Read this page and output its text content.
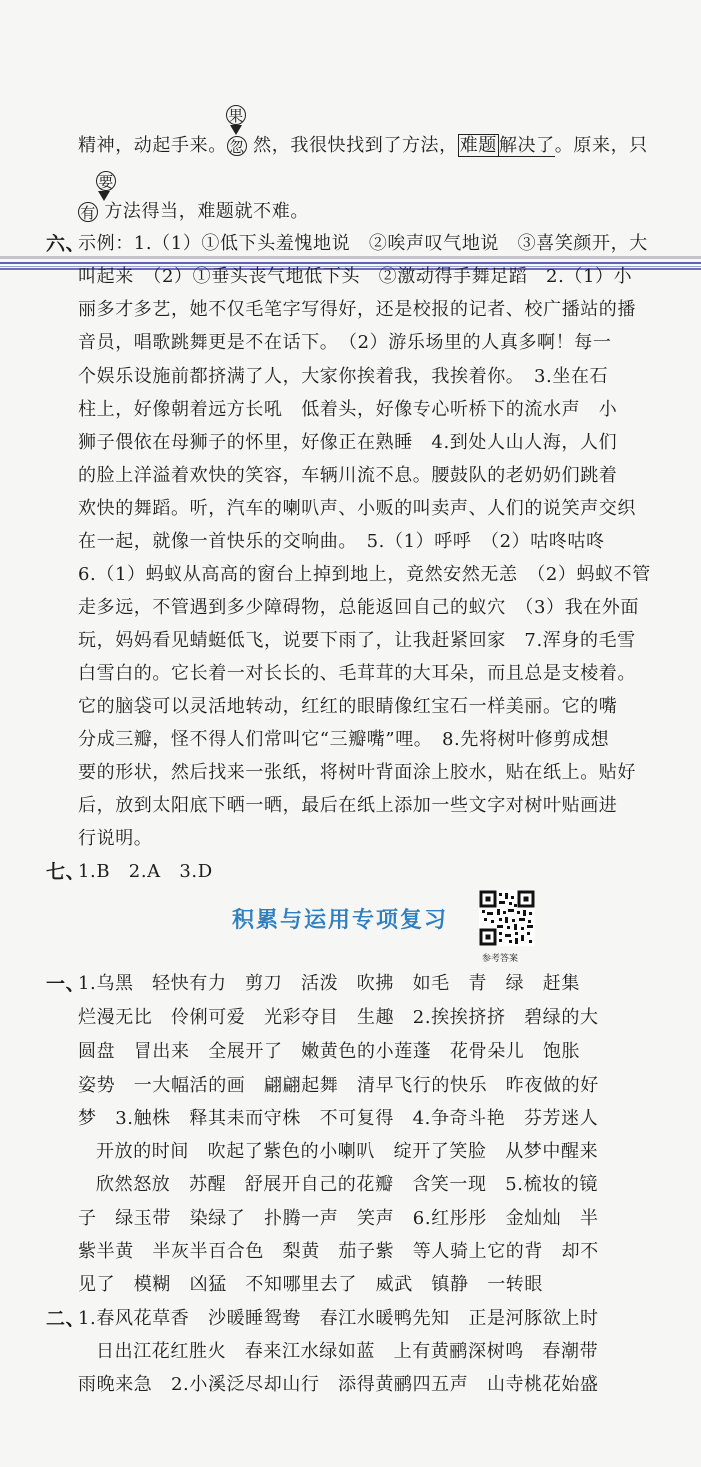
果
精神，动起手来。 忽 然，我很快找到了方法， 难题 解决了。原来，只
要
有 方法得当，难题就不难。
六、
示例：1.（1）①低下头羞愧地说　②唉声叹气地说　③喜笑颜开，大
叫起来　（2）①垂头丧气地低下头　②激动得手舞足蹈　2.（1）小
丽多才多艺，她不仅毛笔字写得好，还是校报的记者、校广播站的播
音员，唱歌跳舞更是不在话下。　（2）游乐场里的人真多啊！每一
个娱乐设施前都挤满了人，大家你挨着我，我挨着你。　3.坐在石
柱上，好像朝着远方长吼　低着头，好像专心听桥下的流水声　小
狮子偎依在母狮子的怀里，好像正在熟睡　4.到处人山人海，人们
的脸上洋溢着欢快的笑容，车辆川流不息。腰鼓队的老奶奶们跳着
欢快的舞蹈。听，汽车的喇叭声、小贩的叫卖声、人们的说笑声交织
在一起，就像一首快乐的交响曲。　5.（1）呼呼　（2）咕咚咕咚
6.（1）蚂蚁从高高的窗台上掉到地上，竟然安然无恙　（2）蚂蚁不管
走多远，不管遇到多少障碍物，总能返回自己的蚁穴　（3）我在外面
玩，妈妈看见蜻蜓低飞，说要下雨了，让我赶紧回家　7.浑身的毛雪
白雪白的。它长着一对长长的、毛茸茸的大耳朵，而且总是支棱着。
它的脑袋可以灵活地转动，红红的眼睛像红宝石一样美丽。它的嘴
分成三瓣，怪不得人们常叫它“三瓣嘴”哩。　8.先将树叶修剪成想
要的形状，然后找来一张纸，将树叶背面涂上胶水，贴在纸上。贴好
后，放到太阳底下晒一晒，最后在纸上添加一些文字对树叶贴画进
行说明。
七、
1.B　2.A　3.D
积累与运用专项复习
参考答案
一、
1.乌黑　轻快有力　剪刀　活泼　吹拂　如毛　青　绿　赶集
烂漫无比　伶俐可爱　光彩夺目　生趣　2.挨挨挤挤　碧绿的大
圆盘　冒出来　全展开了　嫩黄色的小莲蓬　花骨朵儿　饱胀
姿势　一大幅活的画　翩翩起舞　清早飞行的快乐　昨夜做的好
梦　3.触株　释其耒而守株　不可复得　4.争奇斗艳　芬芳迷人
开放的时间　吹起了紫色的小喇叭　绽开了笑脸　从梦中醒来
欣然怒放　苏醒　舒展开自己的花瓣　含笑一现　5.梳妆的镜
子　绿玉带　染绿了　扑腾一声　笑声　6.红彤彤　金灿灿　半
紫半黄　半灰半百合色　梨黄　茄子紫　等人骑上它的背　却不
见了　模糊　凶猛　不知哪里去了　威武　镇静　一转眼
二、
1.春风花草香　沙暖睡鸳鸯　春江水暖鸭先知　正是河豚欲上时
日出江花红胜火　春来江水绿如蓝　上有黄鹂深树鸣　春潮带
雨晚来急　2.小溪泛尽却山行　添得黄鹂四五声　山寺桃花始盛
